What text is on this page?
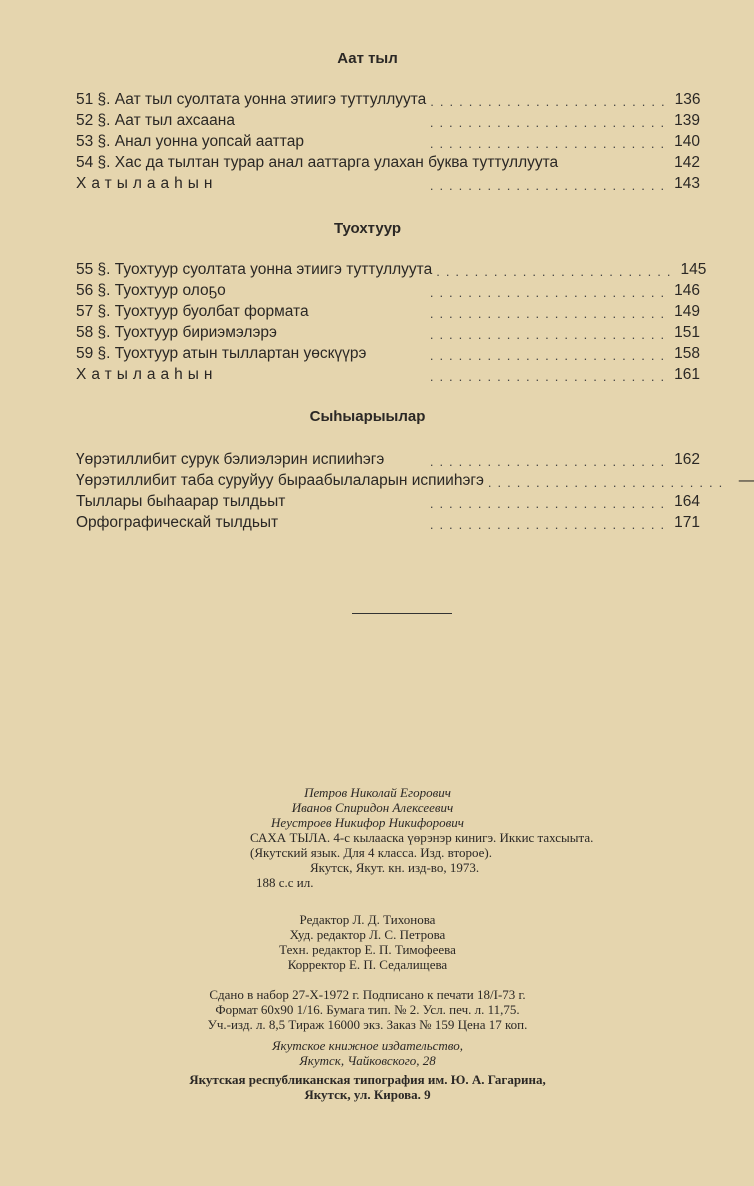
Аат тыл
51 §. Аат тыл суолтата уонна этиигэ туттуллуута ......................... 136
52 §. Аат тыл ахсаана	......................... 139
53 §. Анал уонна уопсай ааттар	......................... 140
54 §. Хас да тылтан турар анал ааттарга улахан буква туттуллуута	142
Хатылааһын	......................... 143
Туохтуур
55 §. Туохтуур суолтата уонна этиигэ туттуллуута ......................... 145
56 §. Туохтуур олоҕо	......................... 146
57 §. Туохтуур буолбат формата	......................... 149
58 §. Туохтуур бириэмэлэрэ	......................... 151
59 §. Туохтуур атын тыллартан уөскүүрэ	......................... 158
Хатылааһын	......................... 161
Сыһыарыылар
Үөрэтиллибит сурук бэлиэлэрин испииһэгэ	......................... 162
Үөрэтиллибит таба суруйуу быраабылаларын испииһэгэ ......................... —
Тыллары быһаарар тылдьыт	......................... 164
Орфографическай тылдьыт	......................... 171
Петров Николай Егорович
Иванов Спиридон Алексеевич
Неустроев Никифор Никифорович
САХА ТЫЛА. 4-с кылааска үөрэнэр кинигэ. Иккис тахсыыта.
(Якутский язык. Для 4 класса. Изд. второе).
Якутск, Якут. кн. изд-во, 1973.
188 с.с ил.
Редактор Л. Д. Тихонова
Худ. редактор Л. С. Петрова
Техн. редактор Е. П. Тимофеева
Корректор Е. П. Седалищева
Сдано в набор 27-X-1972 г. Подписано к печати 18/I-73 г.
Формат 60х90 1/16. Бумага тип. № 2. Усл. печ. л. 11,75.
Уч.-изд. л. 8,5 Тираж 16000 экз. Заказ № 159 Цена 17 коп.
Якутское книжное издательство,
Якутск, Чайковского, 28
Якутская республиканская типография им. Ю. А. Гагарина,
Якутск, ул. Кирова. 9
